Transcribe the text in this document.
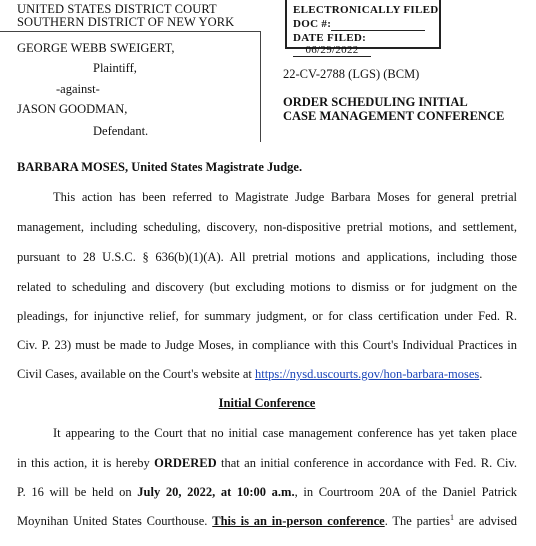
UNITED STATES DISTRICT COURT
SOUTHERN DISTRICT OF NEW YORK
GEORGE WEBB SWEIGERT,
Plaintiff,
-against-
JASON GOODMAN,
Defendant.
ELECTRONICALLY FILED
DOC #:
DATE FILED:06/29/2022
22-CV-2788 (LGS) (BCM)
ORDER SCHEDULING INITIAL
CASE MANAGEMENT CONFERENCE
BARBARA MOSES, United States Magistrate Judge.
This action has been referred to Magistrate Judge Barbara Moses for general pretrial
management, including scheduling, discovery, non-dispositive pretrial motions, and settlement,
pursuant to 28 U.S.C. § 636(b)(1)(A). All pretrial motions and applications, including those
related to scheduling and discovery (but excluding motions to dismiss or for judgment on the
pleadings, for injunctive relief, for summary judgment, or for class certification under Fed. R.
Civ. P. 23) must be made to Judge Moses, in compliance with this Court's Individual Practices in
Civil Cases, available on the Court's website at https://nysd.uscourts.gov/hon-barbara-moses.
Initial Conference
It appearing to the Court that no initial case management conference has yet taken place
in this action, it is hereby ORDERED that an initial conference in accordance with Fed. R. Civ.
P. 16 will be held on July 20, 2022, at 10:00 a.m., in Courtroom 20A of the Daniel Patrick
Moynihan United States Courthouse. This is an in-person conference. The parties$^1$ are advised
